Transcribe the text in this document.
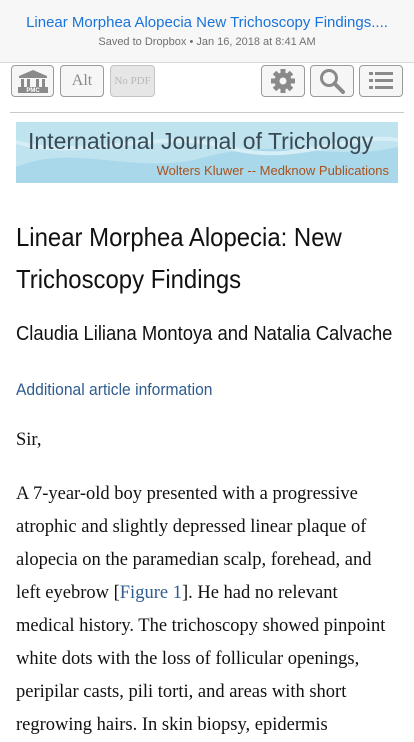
Linear Morphea Alopecia New Trichoscopy Findings....
Saved to Dropbox • Jan 16, 2018 at 8:41 AM
PMC
Alt	No PDF
International Journal of Trichology
Wolters Kluwer -- Medknow Publications
Linear Morphea Alopecia: New Trichoscopy Findings
Claudia Liliana Montoya and Natalia Calvache
Additional article information
Sir,
A 7-year-old boy presented with a progressive atrophic and slightly depressed linear plaque of alopecia on the paramedian scalp, forehead, and left eyebrow [Figure 1]. He had no relevant medical history. The trichoscopy showed pinpoint white dots with the loss of follicular openings, peripilar casts, pili torti, and areas with short regrowing hairs. In skin biopsy, epidermis
